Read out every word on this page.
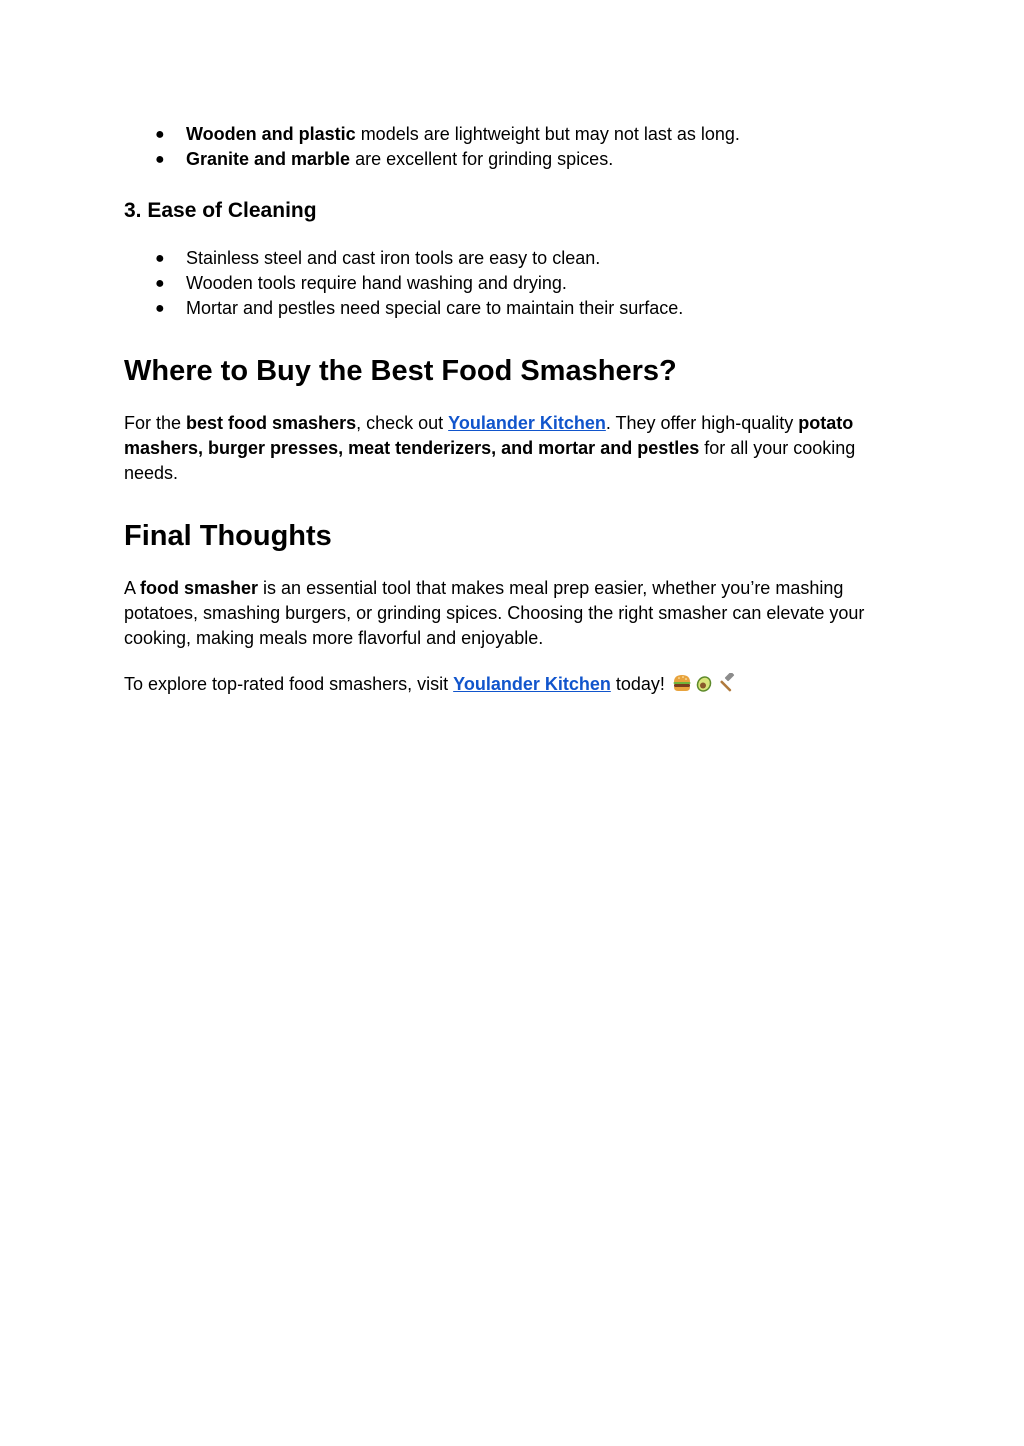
● Wooden and plastic models are lightweight but may not last as long.
● Granite and marble are excellent for grinding spices.
3. Ease of Cleaning
● Stainless steel and cast iron tools are easy to clean.
● Wooden tools require hand washing and drying.
● Mortar and pestles need special care to maintain their surface.
Where to Buy the Best Food Smashers?

For the best food smashers, check out Youlander Kitchen. They offer high-quality potato mashers, burger presses, meat tenderizers, and mortar and pestles for all your cooking needs.

Final Thoughts

A food smasher is an essential tool that makes meal prep easier, whether you’re mashing potatoes, smashing burgers, or grinding spices. Choosing the right smasher can elevate your cooking, making meals more flavorful and enjoyable.

To explore top-rated food smashers, visit Youlander Kitchen today!
